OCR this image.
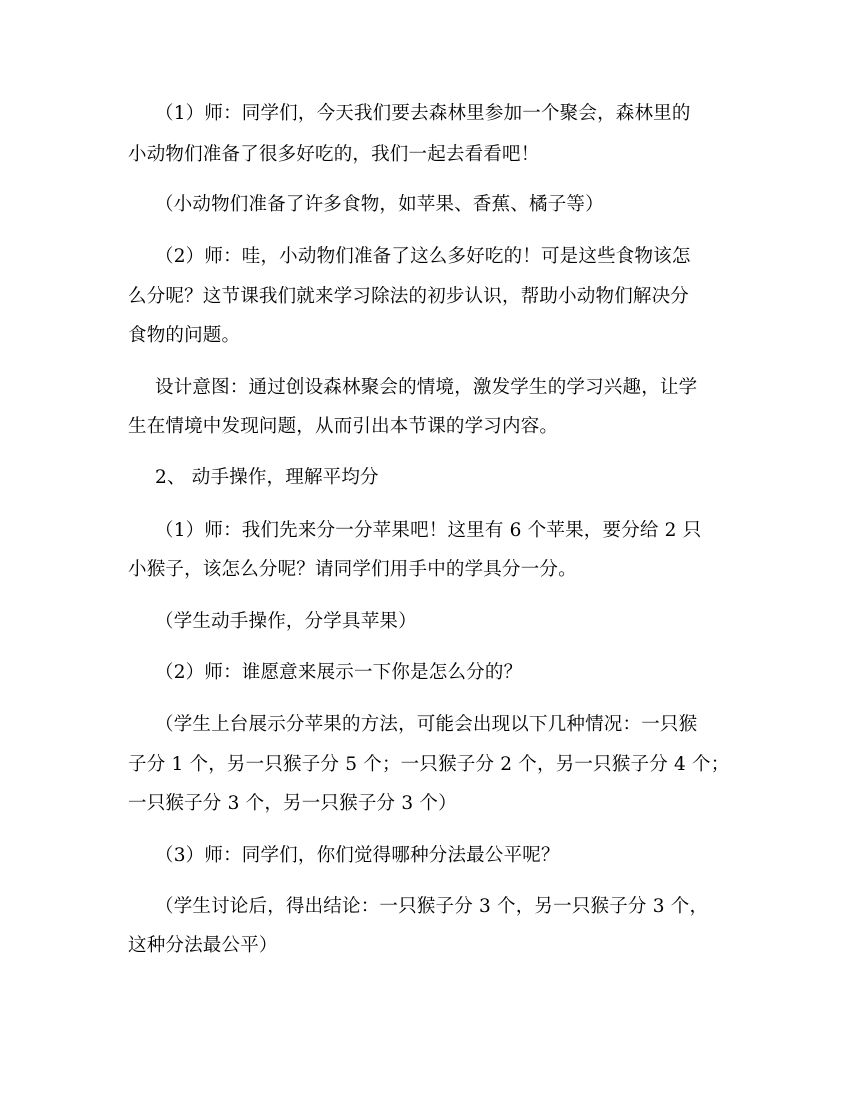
（1）师：同学们，今天我们要去森林里参加一个聚会，森林里的
小动物们准备了很多好吃的，我们一起去看看吧！
（小动物们准备了许多食物，如苹果、香蕉、橘子等）
（2）师：哇，小动物们准备了这么多好吃的！可是这些食物该怎
么分呢？这节课我们就来学习除法的初步认识，帮助小动物们解决分
食物的问题。
设计意图：通过创设森林聚会的情境，激发学生的学习兴趣，让学
生在情境中发现问题，从而引出本节课的学习内容。
2、 动手操作，理解平均分
（1）师：我们先来分一分苹果吧！这里有 6 个苹果，要分给 2 只
小猴子，该怎么分呢？请同学们用手中的学具分一分。
（学生动手操作，分学具苹果）
（2）师：谁愿意来展示一下你是怎么分的？
（学生上台展示分苹果的方法，可能会出现以下几种情况：一只猴
子分 1 个，另一只猴子分 5 个；一只猴子分 2 个，另一只猴子分 4 个；
一只猴子分 3 个，另一只猴子分 3 个）
（3）师：同学们，你们觉得哪种分法最公平呢？
（学生讨论后，得出结论：一只猴子分 3 个，另一只猴子分 3 个，
这种分法最公平）
